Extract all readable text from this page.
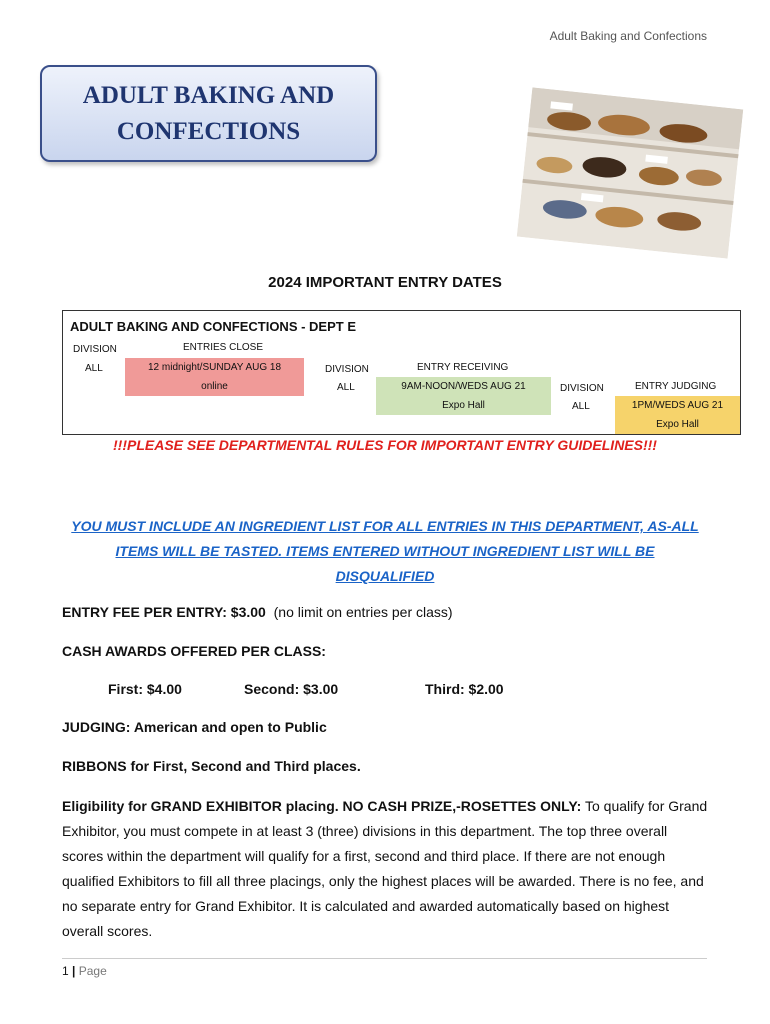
Adult Baking and Confections
ADULT BAKING AND CONFECTIONS
2024 IMPORTANT ENTRY DATES
ADULT BAKING AND CONFECTIONS - DEPT E
DIVISION
ALL
ENTRIES CLOSE
12 midnight/SUNDAY AUG 18
online
DIVISION
ALL
ENTRY RECEIVING
9AM-NOON/WEDS AUG 21
Expo Hall
DIVISION
ALL
ENTRY JUDGING
1PM/WEDS AUG 21
Expo Hall
!!!PLEASE SEE DEPARTMENTAL RULES FOR IMPORTANT ENTRY GUIDELINES!!!
YOU MUST INCLUDE AN INGREDIENT LIST FOR ALL ENTRIES IN THIS DEPARTMENT, AS-ALL ITEMS WILL BE TASTED. ITEMS ENTERED WITHOUT INGREDIENT LIST WILL BE DISQUALIFIED
ENTRY FEE PER ENTRY: $3.00 (no limit on entries per class)
CASH AWARDS OFFERED PER CLASS:
First: $4.00	Second: $3.00	Third: $2.00
JUDGING: American and open to Public
RIBBONS for First, Second and Third places.
Eligibility for GRAND EXHIBITOR placing. NO CASH PRIZE,-ROSETTES ONLY: To qualify for Grand Exhibitor, you must compete in at least 3 (three) divisions in this department. The top three overall scores within the department will qualify for a first, second and third place. If there are not enough qualified Exhibitors to fill all three placings, only the highest places will be awarded. There is no fee, and no separate entry for Grand Exhibitor. It is calculated and awarded automatically based on highest overall scores.
1 | Page
